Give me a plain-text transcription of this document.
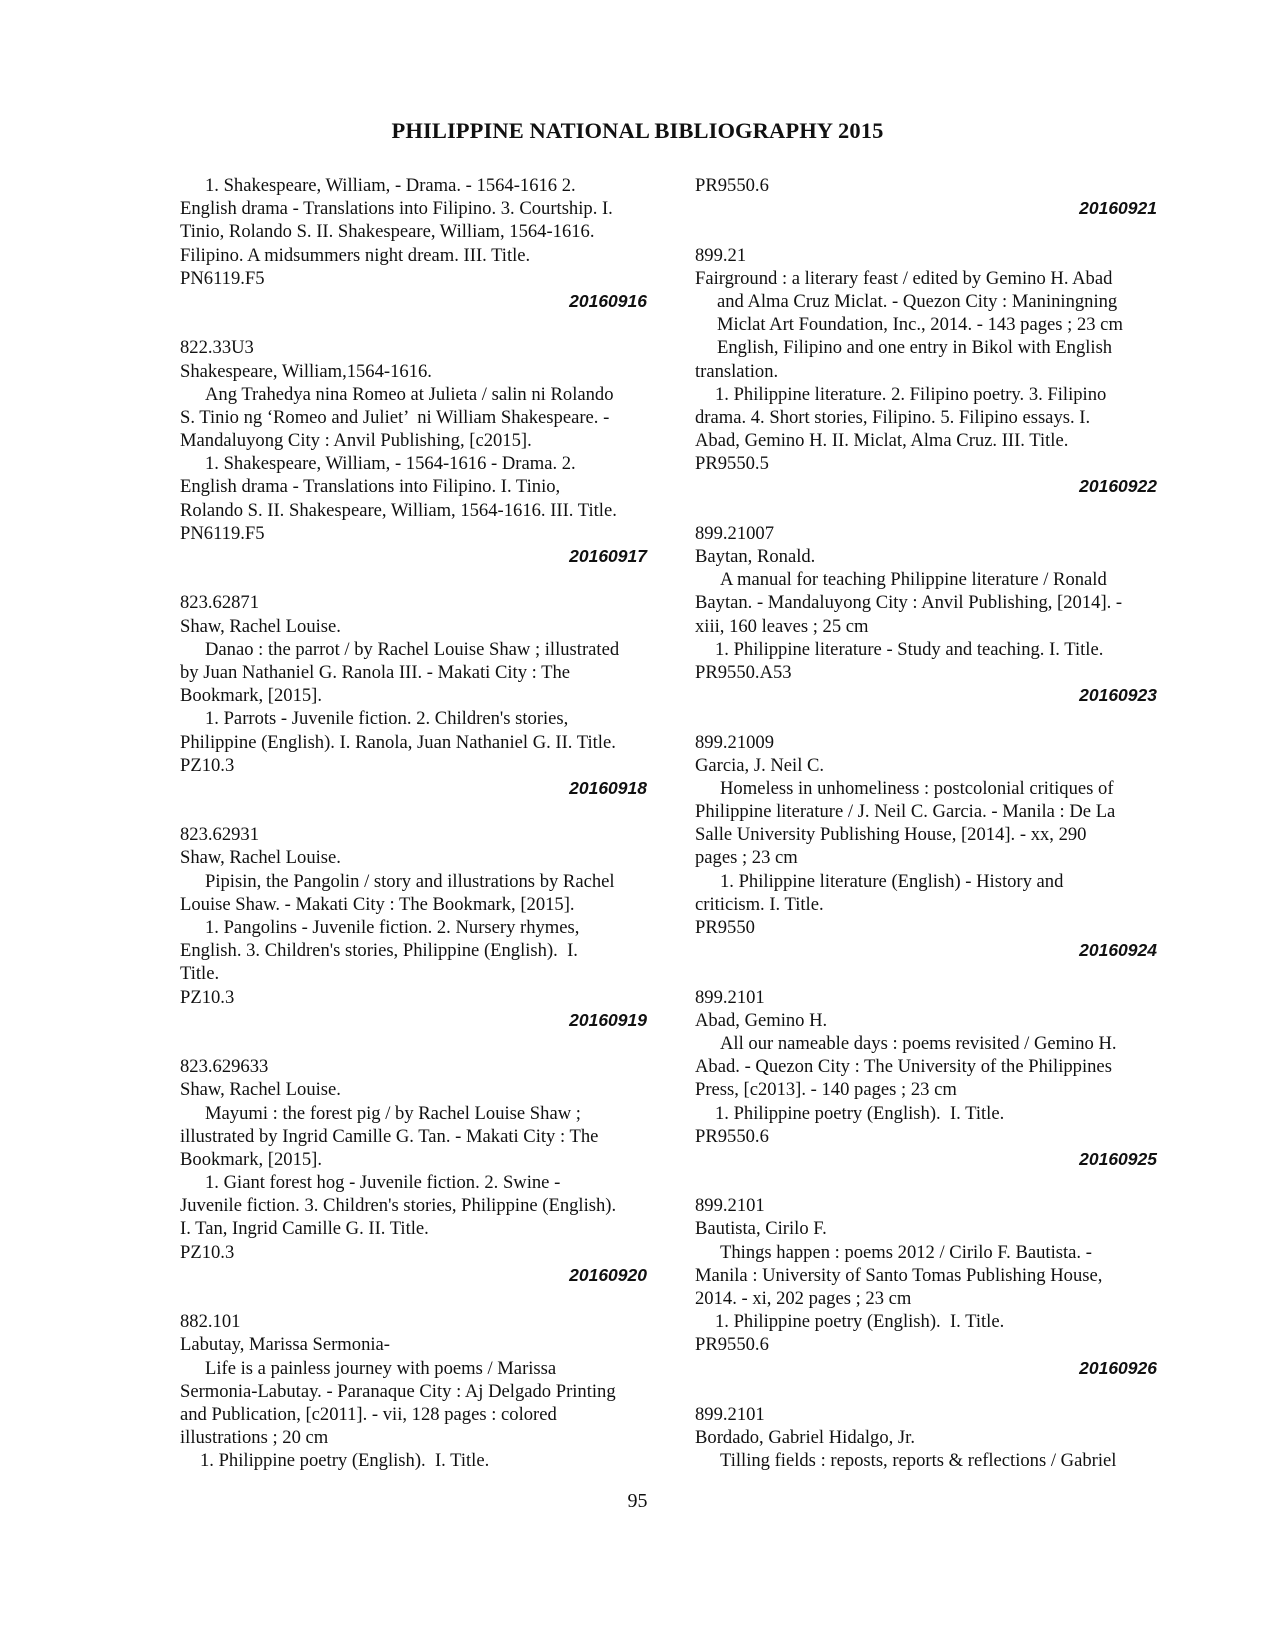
PHILIPPINE NATIONAL BIBLIOGRAPHY 2015
1. Shakespeare, William, - Drama. - 1564-1616 2.
English drama - Translations into Filipino. 3. Courtship. I.
Tinio, Rolando S. II. Shakespeare, William, 1564-1616.
Filipino. A midsummers night dream. III. Title.
PN6119.F5
20160916
822.33U3
Shakespeare, William,1564-1616.
Ang Trahedya nina Romeo at Julieta / salin ni Rolando
S. Tinio ng ‘Romeo and Juliet’  ni William Shakespeare. -
Mandaluyong City : Anvil Publishing, [c2015].
1. Shakespeare, William, - 1564-1616 - Drama. 2.
English drama - Translations into Filipino. I. Tinio,
Rolando S. II. Shakespeare, William, 1564-1616. III. Title.
PN6119.F5
20160917
823.62871
Shaw, Rachel Louise.
Danao : the parrot / by Rachel Louise Shaw ; illustrated
by Juan Nathaniel G. Ranola III. - Makati City : The
Bookmark, [2015].
1. Parrots - Juvenile fiction. 2. Children's stories,
Philippine (English). I. Ranola, Juan Nathaniel G. II. Title.
PZ10.3
20160918
823.62931
Shaw, Rachel Louise.
Pipisin, the Pangolin / story and illustrations by Rachel
Louise Shaw. - Makati City : The Bookmark, [2015].
1. Pangolins - Juvenile fiction. 2. Nursery rhymes,
English. 3. Children's stories, Philippine (English).  I.
Title.
PZ10.3
20160919
823.629633
Shaw, Rachel Louise.
Mayumi : the forest pig / by Rachel Louise Shaw ;
illustrated by Ingrid Camille G. Tan. - Makati City : The
Bookmark, [2015].
1. Giant forest hog - Juvenile fiction. 2. Swine -
Juvenile fiction. 3. Children's stories, Philippine (English).
I. Tan, Ingrid Camille G. II. Title.
PZ10.3
20160920
882.101
Labutay, Marissa Sermonia-
Life is a painless journey with poems / Marissa
Sermonia-Labutay. - Paranaque City : Aj Delgado Printing
and Publication, [c2011]. - vii, 128 pages : colored
illustrations ; 20 cm
1. Philippine poetry (English).  I. Title.
PR9550.6
20160921
899.21
Fairground : a literary feast / edited by Gemino H. Abad
and Alma Cruz Miclat. - Quezon City : Maniningning
Miclat Art Foundation, Inc., 2014. - 143 pages ; 23 cm
English, Filipino and one entry in Bikol with English
translation.
1. Philippine literature. 2. Filipino poetry. 3. Filipino
drama. 4. Short stories, Filipino. 5. Filipino essays. I.
Abad, Gemino H. II. Miclat, Alma Cruz. III. Title.
PR9550.5
20160922
899.21007
Baytan, Ronald.
A manual for teaching Philippine literature / Ronald
Baytan. - Mandaluyong City : Anvil Publishing, [2014]. -
xiii, 160 leaves ; 25 cm
1. Philippine literature - Study and teaching. I. Title.
PR9550.A53
20160923
899.21009
Garcia, J. Neil C.
Homeless in unhomeliness : postcolonial critiques of
Philippine literature / J. Neil C. Garcia. - Manila : De La
Salle University Publishing House, [2014]. - xx, 290
pages ; 23 cm
1. Philippine literature (English) - History and
criticism. I. Title.
PR9550
20160924
899.2101
Abad, Gemino H.
All our nameable days : poems revisited / Gemino H.
Abad. - Quezon City : The University of the Philippines
Press, [c2013]. - 140 pages ; 23 cm
1. Philippine poetry (English).  I. Title.
PR9550.6
20160925
899.2101
Bautista, Cirilo F.
Things happen : poems 2012 / Cirilo F. Bautista. -
Manila : University of Santo Tomas Publishing House,
2014. - xi, 202 pages ; 23 cm
1. Philippine poetry (English).  I. Title.
PR9550.6
20160926
899.2101
Bordado, Gabriel Hidalgo, Jr.
Tilling fields : reposts, reports & reflections / Gabriel
95
